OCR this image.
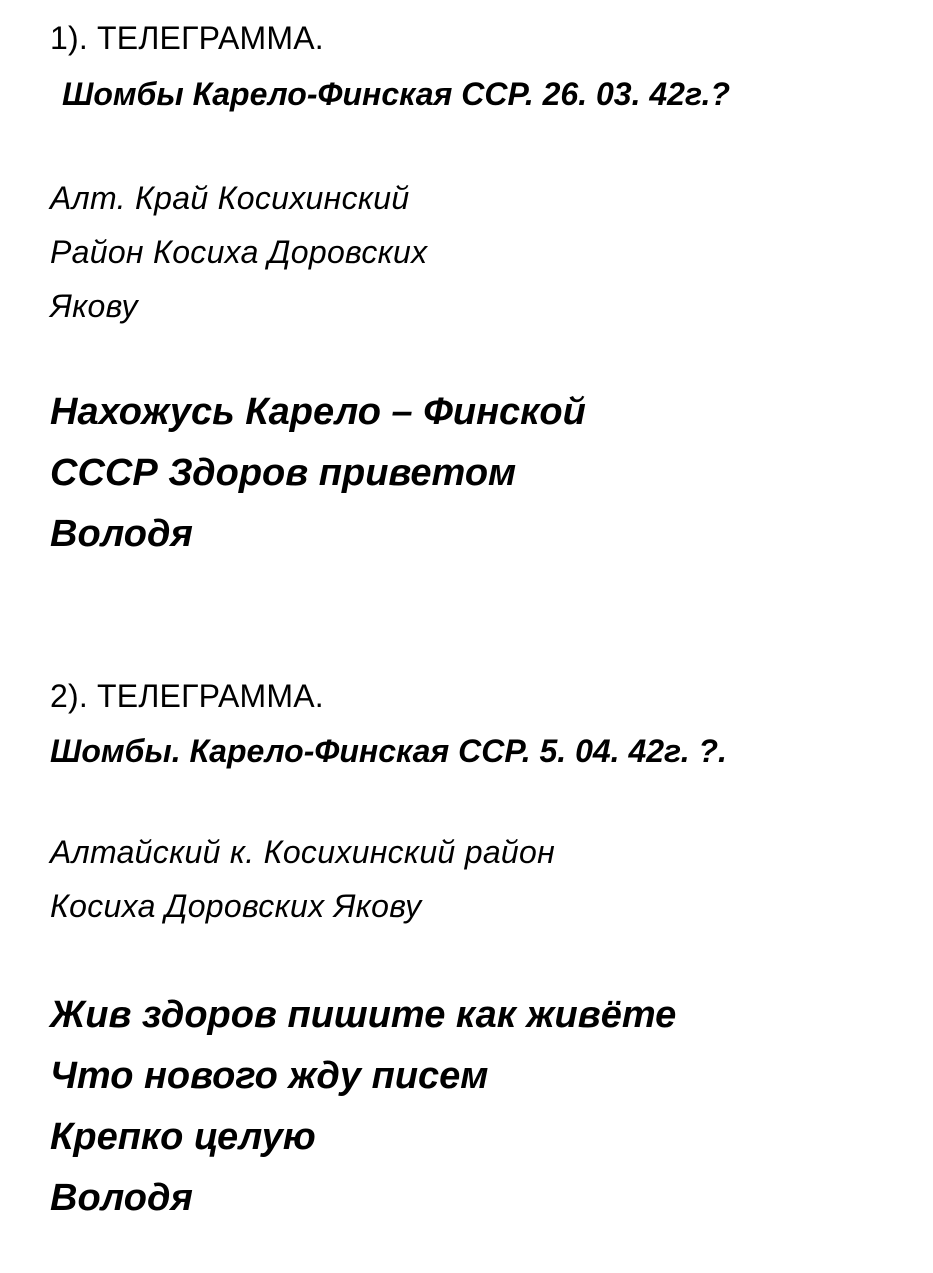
1). ТЕЛЕГРАММА.

Шомбы Карело-Финская ССР. 26. 03. 42г.?

Алт. Край Косихинский

Район Косиха Доровских

Якову

Нахожусь Карело – Финской

СССР Здоров приветом

Володя

2). ТЕЛЕГРАММА.

Шомбы. Карело-Финская ССР. 5. 04. 42г. ?.

Алтайский к. Косихинский район

Косиха Доровских Якову

Жив здоров пишите как живёте

Что нового жду писем

Крепко целую

Володя
